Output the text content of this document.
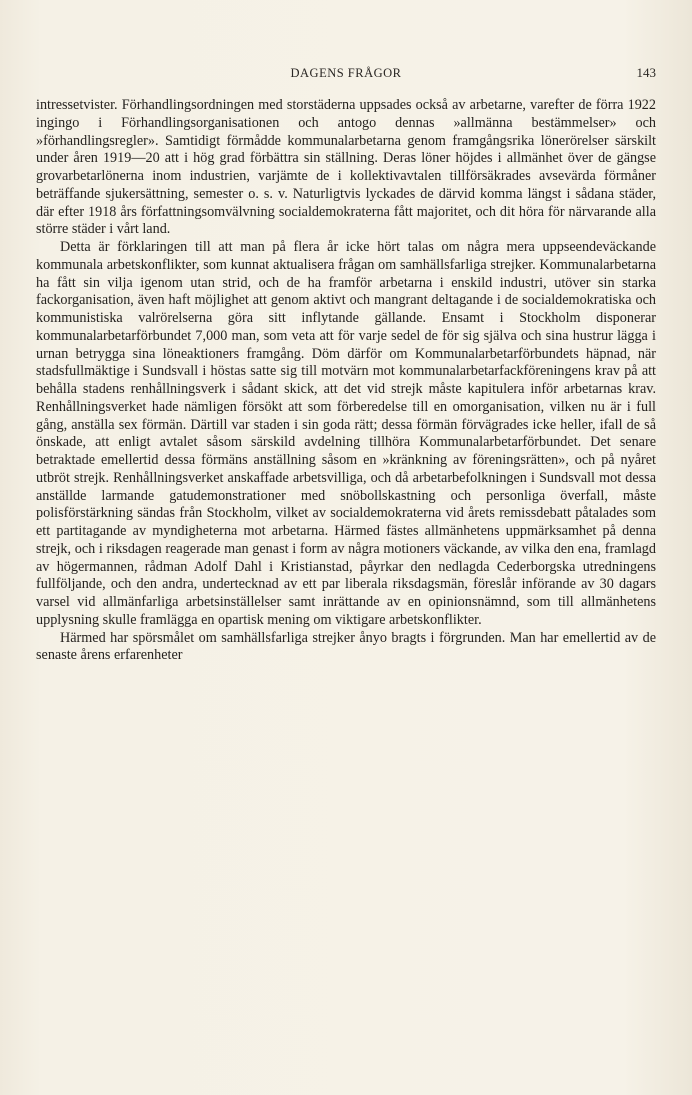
DAGENS FRÅGOR	143

intressetvister. Förhandlingsordningen med storstäderna uppsades också av arbetarne, varefter de förra 1922 ingingo i Förhandlingsorganisationen och antogo dennas »allmänna bestämmelser» och »förhandlingsregler». Samtidigt förmådde kommunalarbetarna genom framgångsrika lönerörelser särskilt under åren 1919—20 att i hög grad förbättra sin ställning. Deras löner höjdes i allmänhet över de gängse grovarbetarlönerna inom industrien, varjämte de i kollektivavtalen tillförsäkrades avsevärda förmåner beträffande sjukersättning, semester o. s. v. Naturligtvis lyckades de därvid komma längst i sådana städer, där efter 1918 års författningsomvälvning socialdemokraterna fått majoritet, och dit höra för närvarande alla större städer i vårt land.

Detta är förklaringen till att man på flera år icke hört talas om några mera uppseendeväckande kommunala arbetskonflikter, som kunnat aktualisera frågan om samhällsfarliga strejker. Kommunalarbetarna ha fått sin vilja igenom utan strid, och de ha framför arbetarna i enskild industri, utöver sin starka fackorganisation, även haft möjlighet att genom aktivt och mangrant deltagande i de socialdemokratiska och kommunistiska valrörelserna göra sitt inflytande gällande. Ensamt i Stockholm disponerar kommunalarbetarförbundet 7,000 man, som veta att för varje sedel de för sig själva och sina hustrur lägga i urnan betrygga sina löneaktioners framgång. Döm därför om Kommunalarbetarförbundets häpnad, när stadsfullmäktige i Sundsvall i höstas satte sig till motvärn mot kommunalarbetarfackföreningens krav på att behålla stadens renhållningsverk i sådant skick, att det vid strejk måste kapitulera inför arbetarnas krav. Renhållningsverket hade nämligen försökt att som förberedelse till en omorganisation, vilken nu är i full gång, anställa sex förmän. Därtill var staden i sin goda rätt; dessa förmän förvägrades icke heller, ifall de så önskade, att enligt avtalet såsom särskild avdelning tillhöra Kommunalarbetarförbundet. Det senare betraktade emellertid dessa förmäns anställning såsom en »kränkning av föreningsrätten», och på nyåret utbröt strejk. Renhållningsverket anskaffade arbetsvilliga, och då arbetarbefolkningen i Sundsvall mot dessa anställde larmande gatudemonstrationer med snöbollskastning och personliga överfall, måste polisförstärkning sändas från Stockholm, vilket av socialdemokraterna vid årets remissdebatt påtalades som ett partitagande av myndigheterna mot arbetarna. Härmed fästes allmänhetens uppmärksamhet på denna strejk, och i riksdagen reagerade man genast i form av några motioners väckande, av vilka den ena, framlagd av högermannen, rådman Adolf Dahl i Kristianstad, påyrkar den nedlagda Cederborgska utredningens fullföljande, och den andra, undertecknad av ett par liberala riksdagsmän, föreslår införande av 30 dagars varsel vid allmänfarliga arbetsinställelser samt inrättande av en opinionsnämnd, som till allmänhetens upplysning skulle framlägga en opartisk mening om viktigare arbetskonflikter.

Härmed har spörsmålet om samhällsfarliga strejker ånyo bragts i förgrunden. Man har emellertid av de senaste årens erfarenheter
